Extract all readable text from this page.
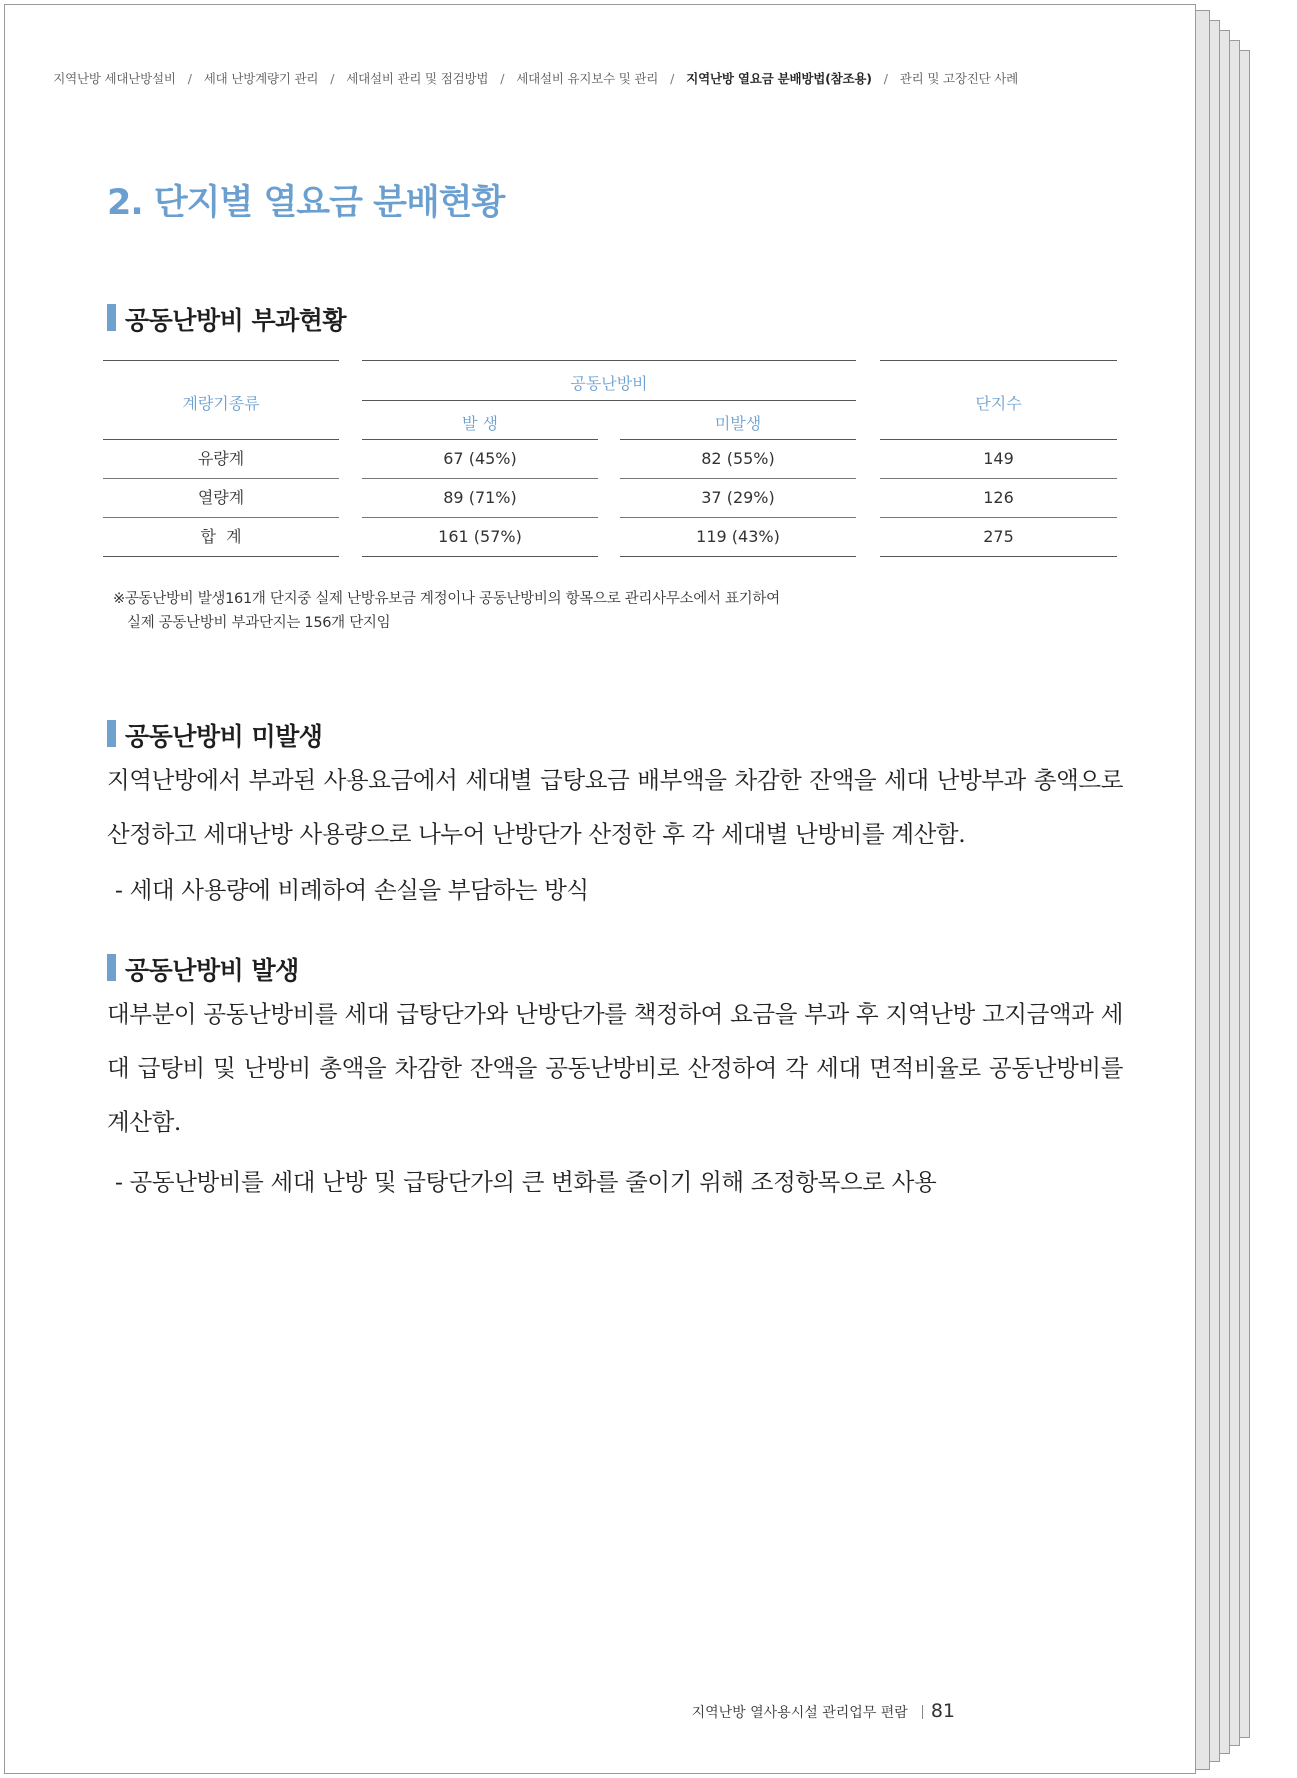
지역난방 세대난방설비 / 세대 난방계량기 관리 / 세대설비 관리 및 점검방법 / 세대설비 유지보수 및 관리 / 지역난방 열요금 분배방법(참조용) / 관리 및 고장진단 사례
2. 단지별 열요금 분배현황
공동난방비 부과현황
계량기종류
공동난방비
발 생	미발생
단지수
유량계	67 (45%)	82 (55%)	149
열량계	89 (71%)	37 (29%)	126
합  계	161 (57%)	119 (43%)	275
※공동난방비 발생161개 단지중 실제 난방유보금 계정이나 공동난방비의 항목으로 관리사무소에서 표기하여
실제 공동난방비 부과단지는 156개 단지임
공동난방비 미발생

지역난방에서 부과된 사용요금에서 세대별 급탕요금 배부액을 차감한 잔액을 세대 난방부과 총액으로 산정하고 세대난방 사용량으로 나누어 난방단가 산정한 후 각 세대별 난방비를 계산함.

- 세대 사용량에 비례하여 손실을 부담하는 방식

공동난방비 발생

대부분이 공동난방비를 세대 급탕단가와 난방단가를 책정하여 요금을 부과 후 지역난방 고지금액과 세대 급탕비 및 난방비 총액을 차감한 잔액을 공동난방비로 산정하여 각 세대 면적비율로 공동난방비를 계산함.

- 공동난방비를 세대 난방 및 급탕단가의 큰 변화를 줄이기 위해 조정항목으로 사용

지역난방 열사용시설 관리업무 편람 81
